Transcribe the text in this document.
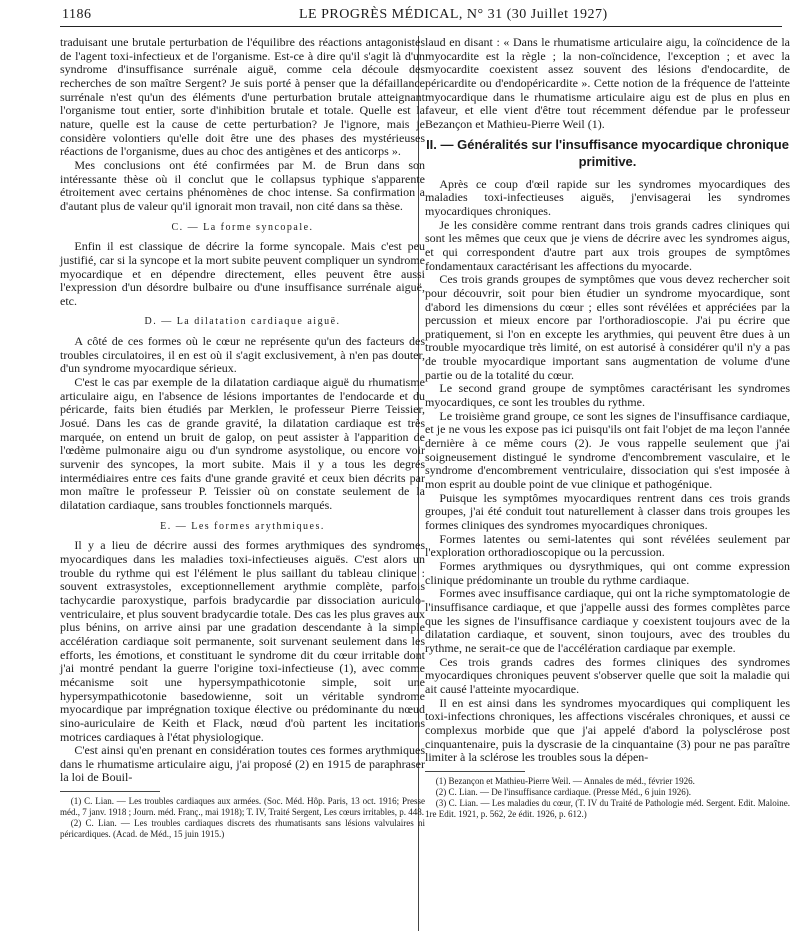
1186	LE PROGRÈS MÉDICAL, N° 31 (30 Juillet 1927)

traduisant une brutale perturbation de l'équilibre des réactions antagonistes de l'agent toxi-infectieux et de l'organisme. Est-ce à dire qu'il s'agit là d'un syndrome d'insuffisance surrénale aiguë, comme cela découle des recherches de son maître Sergent? Je suis porté à penser que la défaillance surrénale n'est qu'un des éléments d'une perturbation brutale atteignant l'organisme tout entier, sorte d'inhibition brutale et totale. Quelle est la nature, quelle est la cause de cette perturbation? Je l'ignore, mais je considère volontiers qu'elle doit être une des phases des mystérieuses réactions de l'organisme, dues au choc des antigènes et des anticorps ».

Mes conclusions ont été confirmées par M. de Brun dans son intéressante thèse où il conclut que le collapsus typhique s'apparente étroitement avec certains phénomènes de choc intense. Sa confirmation a d'autant plus de valeur qu'il ignorait mon travail, non cité dans sa thèse.

C. — La forme syncopale.

Enfin il est classique de décrire la forme syncopale. Mais c'est peu justifié, car si la syncope et la mort subite peuvent compliquer un syndrome myocardique et en dépendre directement, elles peuvent être aussi l'expression d'un désordre bulbaire ou d'une insuffisance surrénale aiguë, etc.

D. — La dilatation cardiaque aiguë.

A côté de ces formes où le cœur ne représente qu'un des facteurs des troubles circulatoires, il en est où il s'agit exclusivement, à n'en pas douter, d'un syndrome myocardique sérieux.

C'est le cas par exemple de la dilatation cardiaque aiguë du rhumatisme articulaire aigu, en l'absence de lésions importantes de l'endocarde et du péricarde, faits bien étudiés par Merklen, le professeur Pierre Teissier, Josué. Dans les cas de grande gravité, la dilatation cardiaque est très marquée, on entend un bruit de galop, on peut assister à l'apparition de l'œdème pulmonaire aigu ou d'un syndrome asystolique, ou encore voir survenir des syncopes, la mort subite. Mais il y a tous les degrés intermédiaires entre ces faits d'une grande gravité et ceux bien décrits par mon maître le professeur P. Teissier où on constate seulement de la dilatation cardiaque, sans troubles fonctionnels marqués.

E. — Les formes arythmiques.

Il y a lieu de décrire aussi des formes arythmiques des syndromes myocardiques dans les maladies toxi-infectieuses aiguës. C'est alors un trouble du rythme qui est l'élément le plus saillant du tableau clinique : souvent extrasystoles, exceptionnellement arythmie complète, parfois tachycardie paroxystique, parfois bradycardie par dissociation auriculo-ventriculaire, et plus souvent bradycardie totale. Des cas les plus graves aux plus bénins, on arrive ainsi par une gradation descendante à la simple accélération cardiaque soit permanente, soit survenant seulement dans les efforts, les émotions, et constituant le syndrome dit du cœur irritable dont j'ai montré pendant la guerre l'origine toxi-infectieuse (1), avec comme mécanisme soit une hypersympathicotonie simple, soit une hypersympathicotonie basedowienne, soit un véritable syndrome myocardique par imprégnation toxique élective ou prédominante du nœud sino-auriculaire de Keith et Flack, nœud d'où partent les incitations motrices cardiaques à l'état physiologique.

C'est ainsi qu'en prenant en considération toutes ces formes arythmiques dans le rhumatisme articulaire aigu, j'ai proposé (2) en 1915 de paraphraser la loi de Bouil-

(1) C. Lian. — Les troubles cardiaques aux armées. (Soc. Méd. Hôp. Paris, 13 oct. 1916; Presse méd., 7 janv. 1918 ; Journ. méd. Franç., mai 1918); T. IV, Traité Sergent, Les cœurs irritables, p. 448.

(2) C. Lian. — Les troubles cardiaques discrets des rhumatisants sans lésions valvulaires ni péricardiques. (Acad. de Méd., 15 juin 1915.)

laud en disant : « Dans le rhumatisme articulaire aigu, la coïncidence de la myocardite est la règle ; la non-coïncidence, l'exception ; et avec la myocardite coexistent assez souvent des lésions d'endocardite, de péricardite ou d'endopéricardite ». Cette notion de la fréquence de l'atteinte myocardique dans le rhumatisme articulaire aigu est de plus en plus en faveur, et elle vient d'être tout récemment défendue par le professeur Bezançon et Mathieu-Pierre Weil (1).

II. — Généralités sur l'insuffisance myocardique chronique primitive.

Après ce coup d'œil rapide sur les syndromes myocardiques des maladies toxi-infectieuses aiguës, j'envisagerai les syndromes myocardiques chroniques.

Je les considère comme rentrant dans trois grands cadres cliniques qui sont les mêmes que ceux que je viens de décrire avec les syndromes aigus, et qui correspondent d'autre part aux trois groupes de symptômes fondamentaux caractérisant les affections du myocarde.

Ces trois grands groupes de symptômes que vous devez rechercher soit pour découvrir, soit pour bien étudier un syndrome myocardique, sont d'abord les dimensions du cœur ; elles sont révélées et appréciées par la percussion et mieux encore par l'orthoradioscopie. J'ai pu écrire que pratiquement, si l'on en excepte les arythmies, qui peuvent être dues à un trouble myocardique très limité, on est autorisé à considérer qu'il n'y a pas de trouble myocardique important sans augmentation de volume d'une partie ou de la totalité du cœur.

Le second grand groupe de symptômes caractérisant les syndromes myocardiques, ce sont les troubles du rythme.

Le troisième grand groupe, ce sont les signes de l'insuffisance cardiaque, et je ne vous les expose pas ici puisqu'ils ont fait l'objet de ma leçon l'année dernière à ce même cours (2). Je vous rappelle seulement que j'ai soigneusement distingué le syndrome d'encombrement vasculaire, et le syndrome d'encombrement ventriculaire, dissociation qui s'est imposée à mon esprit au double point de vue clinique et pathogénique.

Puisque les symptômes myocardiques rentrent dans ces trois grands groupes, j'ai été conduit tout naturellement à classer dans trois groupes les formes cliniques des syndromes myocardiques chroniques.

Formes latentes ou semi-latentes qui sont révélées seulement par l'exploration orthoradioscopique ou la percussion.

Formes arythmiques ou dysrythmiques, qui ont comme expression clinique prédominante un trouble du rythme cardiaque.

Formes avec insuffisance cardiaque, qui ont la riche symptomatologie de l'insuffisance cardiaque, et que j'appelle aussi des formes complètes parce que les signes de l'insuffisance cardiaque y coexistent toujours avec de la dilatation cardiaque, et souvent, sinon toujours, avec des troubles du rythme, ne serait-ce que de l'accélération cardiaque par exemple.

Ces trois grands cadres des formes cliniques des syndromes myocardiques chroniques peuvent s'observer quelle que soit la maladie qui ait causé l'atteinte myocardique.

Il en est ainsi dans les syndromes myocardiques qui compliquent les toxi-infections chroniques, les affections viscérales chroniques, et aussi ce complexus morbide que que j'ai appelé d'abord la polysclérose post cinquantenaire, puis la dyscrasie de la cinquantaine (3) pour ne pas paraître limiter à la sclérose les troubles sous la dépen-

(1) Bezançon et Mathieu-Pierre Weil. — Annales de méd., février 1926.

(2) C. Lian. — De l'insuffisance cardiaque. (Presse Méd., 6 juin 1926).

(3) C. Lian. — Les maladies du cœur, (T. IV du Traité de Pathologie méd. Sergent. Edit. Maloine. 1re Edit. 1921, p. 562, 2e édit. 1926, p. 612.)
